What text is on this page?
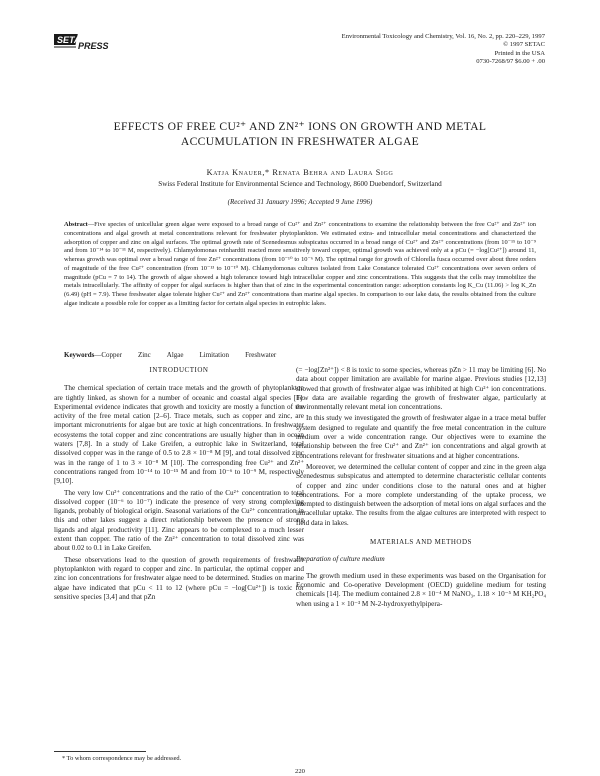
SETAC
PRESS
Environmental Toxicology and Chemistry, Vol. 16, No. 2, pp. 220–229, 1997
© 1997 SETAC
Printed in the USA
0730-7268/97 $6.00 + .00
EFFECTS OF FREE CU²⁺ AND ZN²⁺ IONS ON GROWTH AND METAL
ACCUMULATION IN FRESHWATER ALGAE
Katja Knauer,* Renata Behra and Laura Sigg
Swiss Federal Institute for Environmental Science and Technology, 8600 Duebendorf, Switzerland
(Received 31 January 1996; Accepted 9 June 1996)

Abstract—Five species of unicellular green algae were exposed to a broad range of Cu²⁺ and Zn²⁺ concentrations to examine the relationship between the free Cu²⁺ and Zn²⁺ ion concentrations and algal growth at metal concentrations relevant for freshwater phytoplankton. We estimated extra- and intracellular metal concentrations and characterized the adsorption of copper and zinc on algal surfaces. The optimal growth rate of Scenedesmus subspicatus occurred in a broad range of Cu²⁺ and Zn²⁺ concentrations (from 10⁻¹⁵ to 10⁻⁹ and from 10⁻¹⁴ to 10⁻¹¹ M, respectively). Chlamydomonas reinhardtii reacted more sensitively toward copper, optimal growth was achieved only at a pCu (= −log[Cu²⁺]) around 11, whereas growth was optimal over a broad range of free Zn²⁺ concentrations (from 10⁻¹⁰ to 10⁻⁶ M). The optimal range for growth of Chlorella fusca occurred over about three orders of magnitude of the free Cu²⁺ concentration (from 10⁻¹³ to 10⁻¹⁰ M). Chlamydomonas cultures isolated from Lake Constance tolerated Cu²⁺ concentrations over seven orders of magnitude (pCu = 7 to 14). The growth of algae showed a high tolerance toward high intracellular copper and zinc concentrations. This suggests that the cells may immobilize the metals intracellularly. The affinity of copper for algal surfaces is higher than that of zinc in the experimental concentration range: adsorption constants log K_Cu (11.06) > log K_Zn (6.49) (pH = 7.9). These freshwater algae tolerate higher Cu²⁺ and Zn²⁺ concentrations than marine algal species. In comparison to our lake data, the results obtained from the culture algae indicate a possible role for copper as a limiting factor for certain algal species in eutrophic lakes.

Keywords—Copper Zinc Algae Limitation Freshwater
INTRODUCTION

The chemical speciation of certain trace metals and the growth of phytoplankton are tightly linked, as shown for a number of oceanic and coastal algal species [1]. Experimental evidence indicates that growth and toxicity are mostly a function of the activity of the free metal cation [2–6]. Trace metals, such as copper and zinc, are important micronutrients for algae but are toxic at high concentrations. In freshwater ecosystems the total copper and zinc concentrations are usually higher than in ocean waters [7,8]. In a study of Lake Greifen, a eutrophic lake in Switzerland, total dissolved copper was in the range of 0.5 to 2.8 × 10⁻⁸ M [9], and total dissolved zinc was in the range of 1 to 3 × 10⁻⁸ M [10]. The corresponding free Cu²⁺ and Zn²⁺ concentrations ranged from 10⁻¹⁴ to 10⁻¹⁵ M and from 10⁻⁶ to 10⁻⁹ M, respectively [9,10].

The very low Cu²⁺ concentrations and the ratio of the Cu²⁺ concentration to total dissolved copper (10⁻⁶ to 10⁻⁷) indicate the presence of very strong complexing ligands, probably of biological origin. Seasonal variations of the Cu²⁺ concentration in this and other lakes suggest a direct relationship between the presence of strong ligands and algal productivity [11]. Zinc appears to be complexed to a much lesser extent than copper. The ratio of the Zn²⁺ concentration to total dissolved zinc was about 0.02 to 0.1 in Lake Greifen.

These observations lead to the question of growth requirements of freshwater phytoplankton with regard to copper and zinc. In particular, the optimal copper and zinc ion concentrations for freshwater algae need to be determined. Studies on marine algae have indicated that pCu < 11 to 12 (where pCu = −log[Cu²⁺]) is toxic for sensitive species [3,4] and that pZn

(= −log[Zn²⁺]) < 8 is toxic to some species, whereas pZn > 11 may be limiting [6]. No data about copper limitation are available for marine algae. Previous studies [12,13] showed that growth of freshwater algae was inhibited at high Cu²⁺ ion concentrations. Few data are available regarding the growth of freshwater algae, particularly at environmentally relevant metal ion concentrations.

In this study we investigated the growth of freshwater algae in a trace metal buffer system designed to regulate and quantify the free metal concentration in the culture medium over a wide concentration range. Our objectives were to examine the relationship between the free Cu²⁺ and Zn²⁺ ion concentrations and algal growth at concentrations relevant for freshwater situations and at higher concentrations.

Moreover, we determined the cellular content of copper and zinc in the green alga Scenedesmus subspicatus and attempted to determine characteristic cellular contents of copper and zinc under conditions close to the natural ones and at higher concentrations. For a more complete understanding of the uptake process, we attempted to distinguish between the adsorption of metal ions on algal surfaces and the intracellular uptake. The results from the algae cultures are interpreted with respect to field data in lakes.

MATERIALS AND METHODS
Preparation of culture medium

The growth medium used in these experiments was based on the Organisation for Economic and Co-operative Development (OECD) guideline medium for testing chemicals [14]. The medium contained 2.8 × 10⁻⁴ M NaNO₃, 1.18 × 10⁻⁵ M KH₂PO₄ when using a 1 × 10⁻³ M N-2-hydroxyethylpipera-

* To whom correspondence may be addressed.
220
